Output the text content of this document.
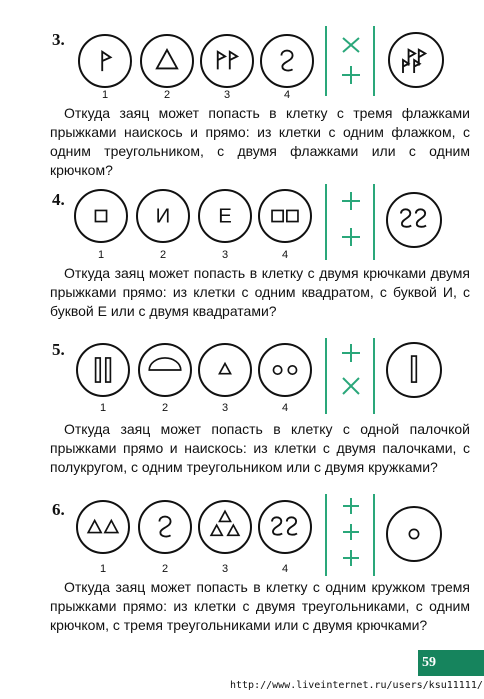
3.
1	2	3	4
Откуда заяц может попасть в клетку с тремя флажками прыжками наискось и прямо: из клетки с одним флажком, с одним треугольником, с двумя флажками или с одним крючком?
4.
И Е
1	2	3	4
Откуда заяц может попасть в клетку с двумя крючками двумя прыжками прямо: из клетки с одним квадратом, с буквой И, с буквой Е или с двумя квадратами?
5.
1	2	3	4
Откуда заяц может попасть в клетку с одной палочкой прыжками прямо и наискось: из клетки с двумя палочками, с полукругом, с одним треугольником или с двумя кружками?
6.
1	2	3	4
Откуда заяц может попасть в клетку с одним кружком тремя прыжками прямо: из клетки с двумя треугольниками, с одним крючком, с тремя треугольниками или с двумя крючками?
59
http://www.liveinternet.ru/users/ksu11111/
